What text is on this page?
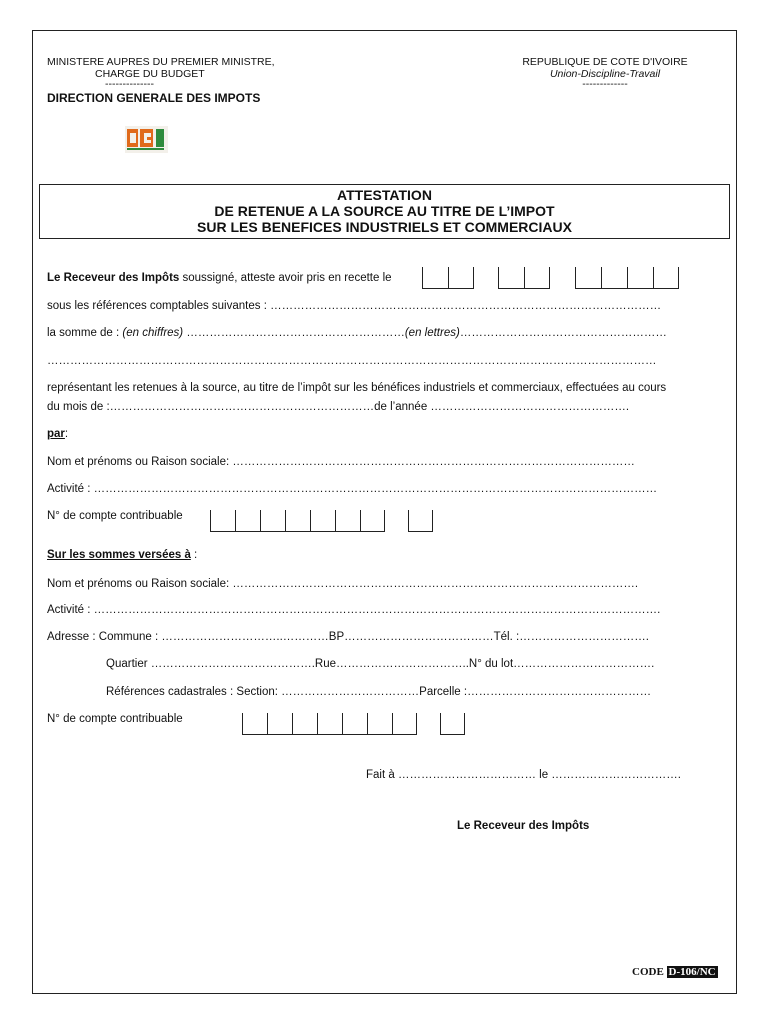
MINISTERE AUPRES DU PREMIER MINISTRE,
CHARGE DU BUDGET
--------------
DIRECTION GENERALE DES IMPOTS
REPUBLIQUE DE COTE D'IVOIRE
Union-Discipline-Travail
-------------
ATTESTATION
DE RETENUE A LA SOURCE AU TITRE DE L’IMPOT
SUR LES BENEFICES INDUSTRIELS ET COMMERCIAUX
Le Receveur des Impôts soussigné, atteste avoir pris en recette le
sous les références comptables suivantes : …………………………………………………………………………………………
la somme de : (en chiffres) …………………………………………………(en lettres)………………………………………………
……………………………………………………………………………………………………………………………………………
représentant les retenues à la source, au titre de l’impôt sur les bénéfices industriels et commerciaux, effectuées au cours
du mois de :……………………………………………………………de l’année …………………………………………….
par:
Nom et prénoms ou Raison sociale: ……………………………………………………………………………………………
Activité : …………………………………………………………………………………………………………………………………
N° de compte contribuable
Sur les sommes versées à :
Nom et prénoms ou Raison sociale: …………………………………………………………………………………………….
Activité : ………………………………………………………………………………………………………………………………….
Adresse : Commune : …………………………..…………BP…………………………………Tél. :…………………………….
Quartier …………………………………….Rue……………………………..N° du lot……………………………….
Références cadastrales : Section: ………………………………Parcelle :…………………………………………
N° de compte contribuable
Fait à ……………………………… le …………………………….
Le Receveur des Impôts
CODE D-106/NC
